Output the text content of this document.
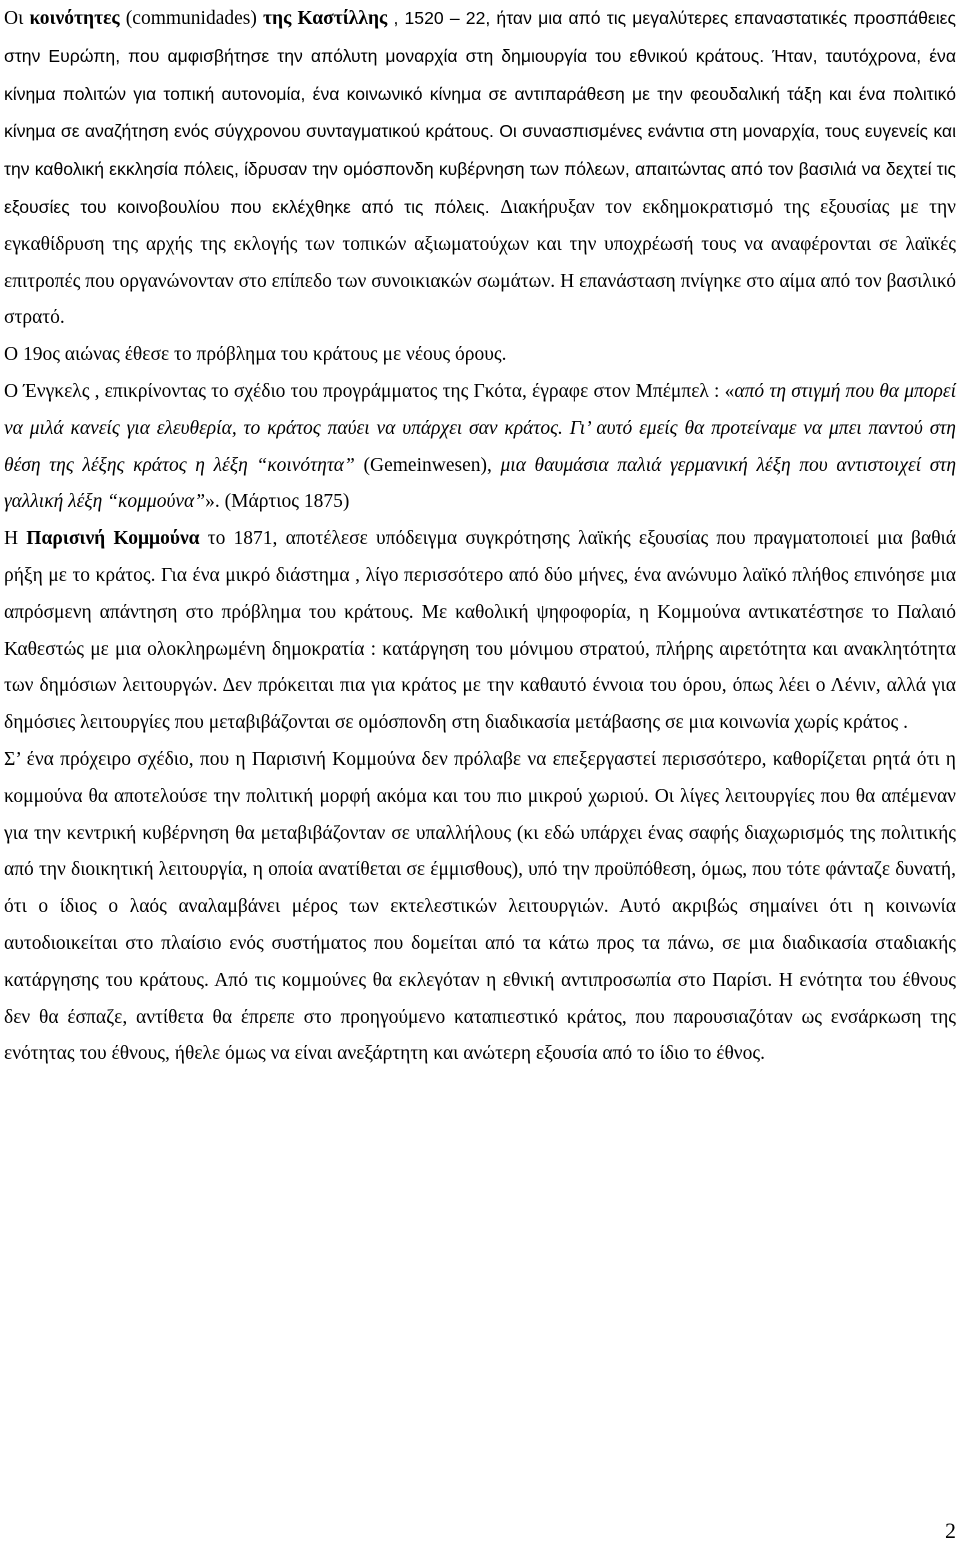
Οι κοινότητες (communidades) της Καστίλλης , 1520 – 22, ήταν μια από τις μεγαλύτερες επαναστατικές προσπάθειες στην Ευρώπη, που αμφισβήτησε την απόλυτη μοναρχία στη δημιουργία του εθνικού κράτους. Ήταν, ταυτόχρονα, ένα κίνημα πολιτών για τοπική αυτονομία, ένα κοινωνικό κίνημα σε αντιπαράθεση με την φεουδαλική τάξη και ένα πολιτικό κίνημα σε αναζήτηση ενός σύγχρονου συνταγματικού κράτους. Οι συνασπισμένες ενάντια στη μοναρχία, τους ευγενείς και την καθολική εκκλησία πόλεις, ίδρυσαν την ομόσπονδη κυβέρνηση των πόλεων, απαιτώντας από τον βασιλιά να δεχτεί τις εξουσίες του κοινοβουλίου που εκλέχθηκε από τις πόλεις. Διακήρυξαν τον εκδημοκρατισμό της εξουσίας με την εγκαθίδρυση της αρχής της εκλογής των τοπικών αξιωματούχων και την υποχρέωσή τους να αναφέρονται σε λαϊκές επιτροπές που οργανώνονταν στο επίπεδο των συνοικιακών σωμάτων. Η επανάσταση πνίγηκε στο αίμα από τον βασιλικό στρατό.

Ο 19ος αιώνας έθεσε το πρόβλημα του κράτους με νέους όρους.

Ο Ένγκελς , επικρίνοντας το σχέδιο του προγράμματος της Γκότα, έγραφε στον Μπέμπελ : «από τη στιγμή που θα μπορεί να μιλά κανείς για ελευθερία, το κράτος παύει να υπάρχει σαν κράτος. Γι’ αυτό εμείς θα προτείναμε να μπει παντού στη θέση της λέξης κράτος η λέξη “κοινότητα” (Gemeinwesen), μια θαυμάσια παλιά γερμανική λέξη που αντιστοιχεί στη γαλλική λέξη “κομμούνα”». (Μάρτιος 1875)

Η Παρισινή Κομμούνα το 1871, αποτέλεσε υπόδειγμα συγκρότησης λαϊκής εξουσίας που πραγματοποιεί μια βαθιά ρήξη με το κράτος. Για ένα μικρό διάστημα , λίγο περισσότερο από δύο μήνες, ένα ανώνυμο λαϊκό πλήθος επινόησε μια απρόσμενη απάντηση στο πρόβλημα του κράτους. Με καθολική ψηφοφορία, η Κομμούνα αντικατέστησε το Παλαιό Καθεστώς με μια ολοκληρωμένη δημοκρατία : κατάργηση του μόνιμου στρατού, πλήρης αιρετότητα και ανακλητότητα των δημόσιων λειτουργών. Δεν πρόκειται πια για κράτος με την καθαυτό έννοια του όρου, όπως λέει ο Λένιν, αλλά για δημόσιες λειτουργίες που μεταβιβάζονται σε ομόσπονδη στη διαδικασία μετάβασης σε μια κοινωνία χωρίς κράτος .

Σ’ ένα πρόχειρο σχέδιο, που η Παρισινή Κομμούνα δεν πρόλαβε να επεξεργαστεί περισσότερο, καθορίζεται ρητά ότι η κομμούνα θα αποτελούσε την πολιτική μορφή ακόμα και του πιο μικρού χωριού. Οι λίγες λειτουργίες που θα απέμεναν για την κεντρική κυβέρνηση θα μεταβιβάζονταν σε υπαλλήλους (κι εδώ υπάρχει ένας σαφής διαχωρισμός της πολιτικής από την διοικητική λειτουργία, η οποία ανατίθεται σε έμμισθους), υπό την προϋπόθεση, όμως, που τότε φάνταζε δυνατή, ότι ο ίδιος ο λαός αναλαμβάνει μέρος των εκτελεστικών λειτουργιών. Αυτό ακριβώς σημαίνει ότι η κοινωνία αυτοδιοικείται στο πλαίσιο ενός συστήματος που δομείται από τα κάτω προς τα πάνω, σε μια διαδικασία σταδιακής κατάργησης του κράτους. Από τις κομμούνες θα εκλεγόταν η εθνική αντιπροσωπία στο Παρίσι. Η ενότητα του έθνους δεν θα έσπαζε, αντίθετα θα έπρεπε στο προηγούμενο καταπιεστικό κράτος, που παρουσιαζόταν ως ενσάρκωση της ενότητας του έθνους, ήθελε όμως να είναι ανεξάρτητη και ανώτερη εξουσία από το ίδιο το έθνος.

2
